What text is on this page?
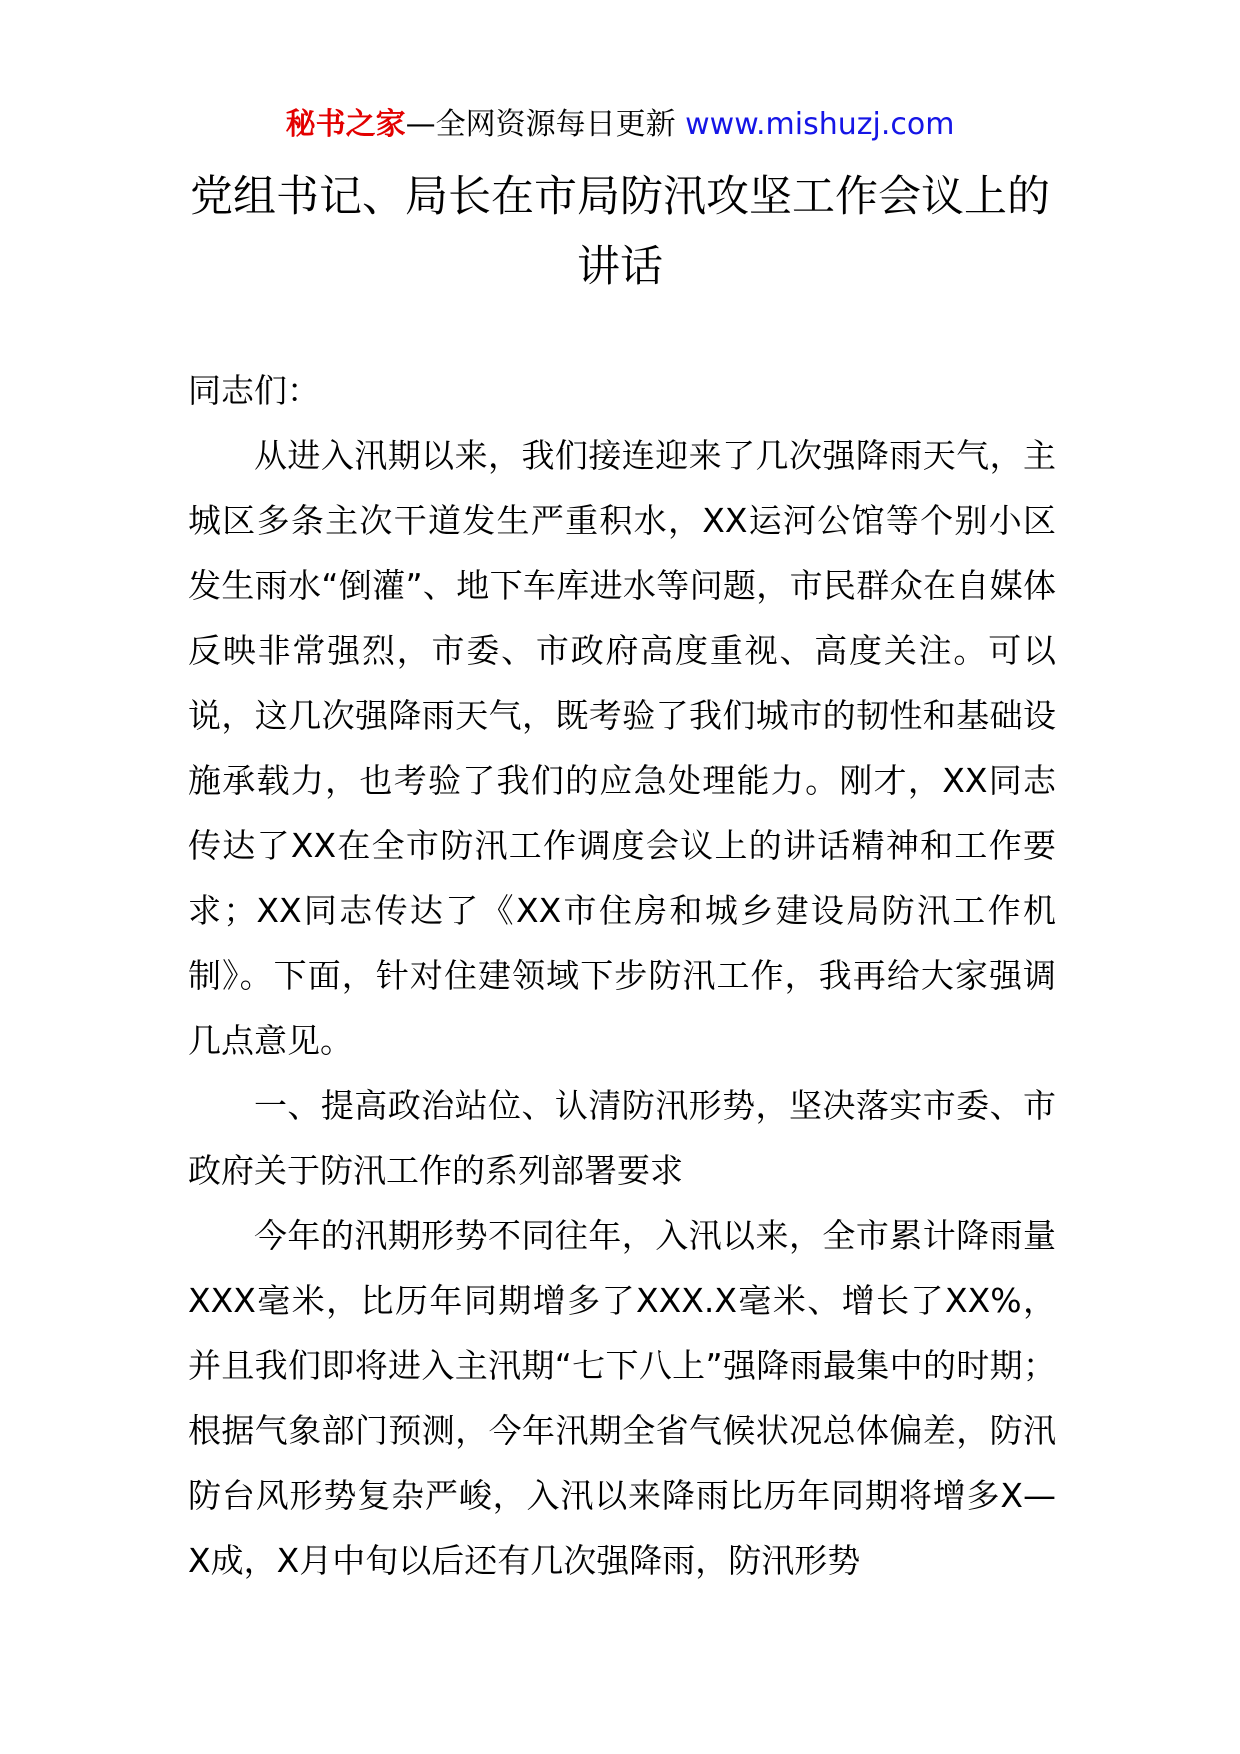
秘书之家—全网资源每日更新 www.mishuzj.com
党组书记、局长在市局防汛攻坚工作会议上的讲话

同志们：

从进入汛期以来，我们接连迎来了几次强降雨天气，主城区多条主次干道发生严重积水，XX运河公馆等个别小区发生雨水“倒灌”、地下车库进水等问题，市民群众在自媒体反映非常强烈，市委、市政府高度重视、高度关注。可以说，这几次强降雨天气，既考验了我们城市的韧性和基础设施承载力，也考验了我们的应急处理能力。刚才，XX同志传达了XX在全市防汛工作调度会议上的讲话精神和工作要求；XX同志传达了《XX市住房和城乡建设局防汛工作机制》。下面，针对住建领域下步防汛工作，我再给大家强调几点意见。

一、提高政治站位、认清防汛形势，坚决落实市委、市政府关于防汛工作的系列部署要求

今年的汛期形势不同往年，入汛以来，全市累计降雨量XXX毫米，比历年同期增多了XXX.X毫米、增长了XX%，并且我们即将进入主汛期“七下八上”强降雨最集中的时期；根据气象部门预测，今年汛期全省气候状况总体偏差，防汛防台风形势复杂严峻，入汛以来降雨比历年同期将增多X—X成，X月中旬以后还有几次强降雨，防汛形势
